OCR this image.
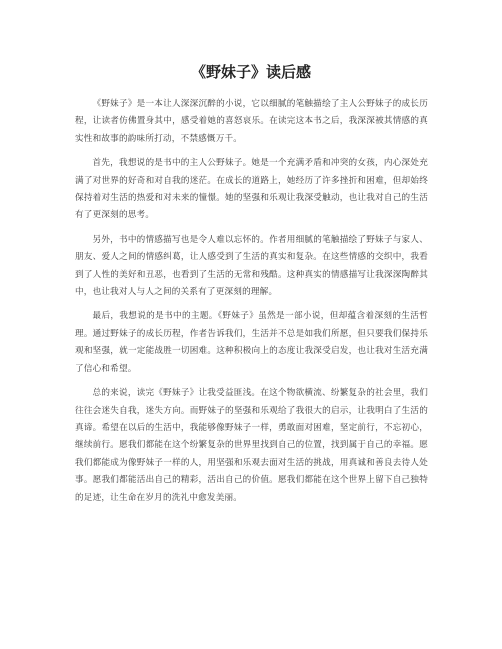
《野妹子》读后感

《野妹子》是一本让人深深沉醉的小说，它以细腻的笔触描绘了主人公野妹子的成长历程，让读者仿佛置身其中，感受着她的喜怒哀乐。在读完这本书之后，我深深被其情感的真实性和故事的韵味所打动，不禁感慨万千。

首先，我想说的是书中的主人公野妹子。她是一个充满矛盾和冲突的女孩，内心深处充满了对世界的好奇和对自我的迷茫。在成长的道路上，她经历了许多挫折和困难，但却始终保持着对生活的热爱和对未来的憧憬。她的坚强和乐观让我深受触动，也让我对自己的生活有了更深刻的思考。

另外，书中的情感描写也是令人难以忘怀的。作者用细腻的笔触描绘了野妹子与家人、朋友、爱人之间的情感纠葛，让人感受到了生活的真实和复杂。在这些情感的交织中，我看到了人性的美好和丑恶，也看到了生活的无常和残酷。这种真实的情感描写让我深深陶醉其中，也让我对人与人之间的关系有了更深刻的理解。

最后，我想说的是书中的主题。《野妹子》虽然是一部小说，但却蕴含着深刻的生活哲理。通过野妹子的成长历程，作者告诉我们，生活并不总是如我们所愿，但只要我们保持乐观和坚强，就一定能战胜一切困难。这种积极向上的态度让我深受启发，也让我对生活充满了信心和希望。

总的来说，读完《野妹子》让我受益匪浅。在这个物欲横流、纷繁复杂的社会里，我们往往会迷失自我，迷失方向。而野妹子的坚强和乐观给了我很大的启示，让我明白了生活的真谛。希望在以后的生活中，我能够像野妹子一样，勇敢面对困难，坚定前行，不忘初心，继续前行。愿我们都能在这个纷繁复杂的世界里找到自己的位置，找到属于自己的幸福。愿我们都能成为像野妹子一样的人，用坚强和乐观去面对生活的挑战，用真诚和善良去待人处事。愿我们都能活出自己的精彩，活出自己的价值。愿我们都能在这个世界上留下自己独特的足迹，让生命在岁月的洗礼中愈发美丽。
